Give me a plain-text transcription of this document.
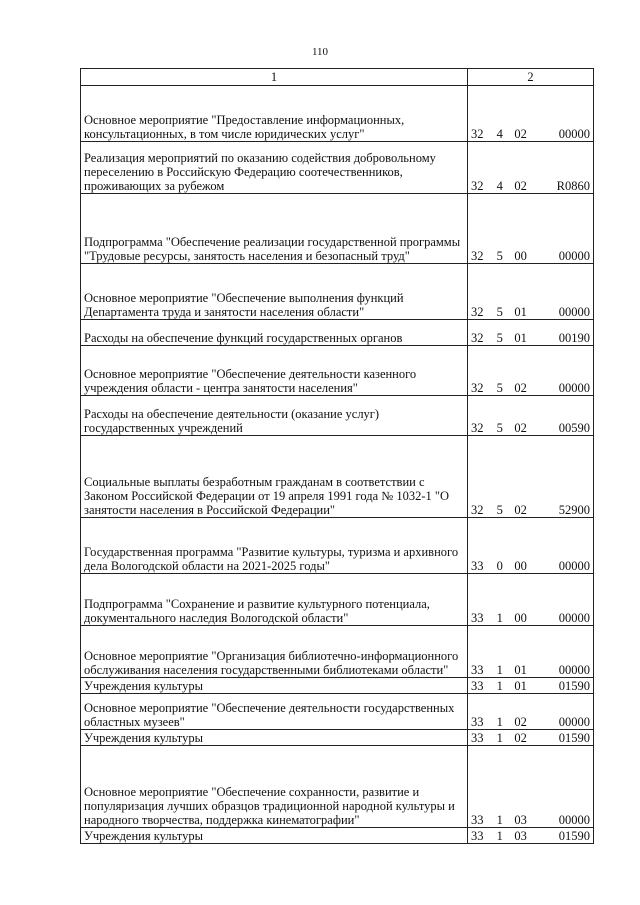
110
1	2
Основное мероприятие "Предоставление информационных, консультационных, в том числе юридических услуг"	32 4 02 00000

Реализация мероприятий по оказанию содействия добровольному переселению в Российскую Федерацию соотечественников, проживающих за рубежом	32 4 02 R0860

Подпрограмма "Обеспечение реализации государственной программы "Трудовые ресурсы, занятость населения и безопасный труд"	32 5 00 00000

Основное мероприятие "Обеспечение выполнения функций Департамента труда и занятости населения области"	32 5 01 00000

Расходы на обеспечение функций государственных органов	32 5 01 00190

Основное мероприятие "Обеспечение деятельности казенного учреждения области - центра занятости населения"	32 5 02 00000

Расходы на обеспечение деятельности (оказание услуг) государственных учреждений	32 5 02 00590

Социальные выплаты безработным гражданам в соответствии с Законом Российской Федерации от 19 апреля 1991 года № 1032-1 "О занятости населения в Российской Федерации"	32 5 02 52900

Государственная программа "Развитие культуры, туризма и архивного дела Вологодской области на 2021-2025 годы"	33 0 00 00000

Подпрограмма "Сохранение и развитие культурного потенциала, документального наследия Вологодской области"	33 1 00 00000

Основное мероприятие "Организация библиотечно-информационного обслуживания населения государственными библиотеками области"	33 1 01 00000

Учреждения культуры	33 1 01 01590

Основное мероприятие "Обеспечение деятельности государственных областных музеев"	33 1 02 00000

Учреждения культуры	33 1 02 01590

Основное мероприятие "Обеспечение сохранности, развитие и популяризация лучших образцов традиционной народной культуры и народного творчества, поддержка кинематографии"	33 1 03 00000

Учреждения культуры	33 1 03 01590
